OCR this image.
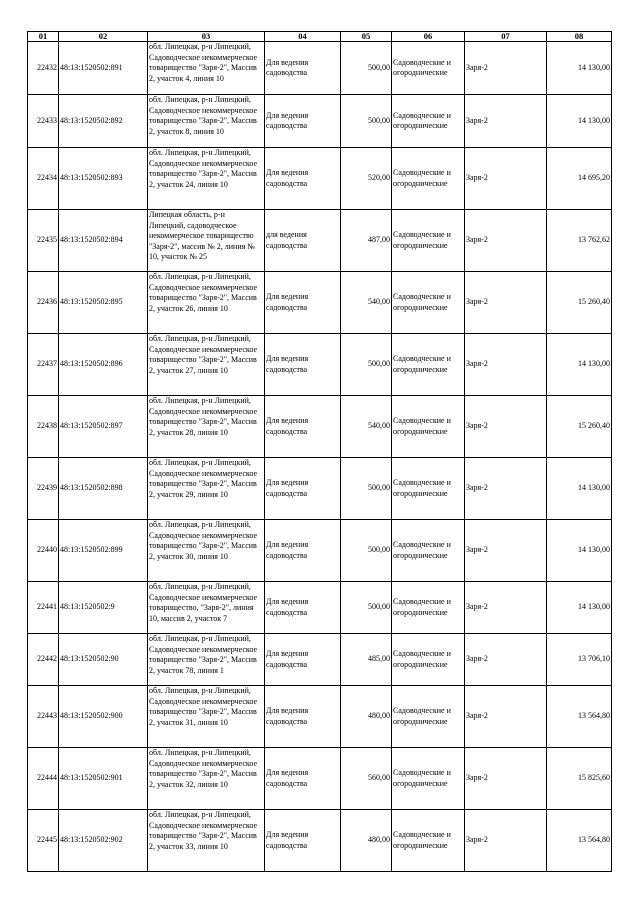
01	02	03	04	05	06	07	08
22432	48:13:1520502:891	обл. Липецкая, р-н Липецкий, Садоводческое некоммерческое товарищество "Заря-2", Массив 2, участок 4, линия 10	Для ведения садоводства	500,00	Садоводческие и огороднические	Заря-2	14 130,00
22433	48:13:1520502:892	обл. Липецкая, р-н Липецкий, Садоводческое некоммерческое товарищество "Заря-2", Массив 2, участок 8, линия 10	Для ведения садоводства	500,00	Садоводческие и огороднические	Заря-2	14 130,00
22434	48:13:1520502:893	обл. Липецкая, р-н Липецкий, Садоводческое некоммерческое товарищество "Заря-2", Массив 2, участок 24, линия 10	Для ведения садоводства	520,00	Садоводческие и огороднические	Заря-2	14 695,20
22435	48:13:1520502:894	Липецкая область, р-н Липецкий, садоводческое некоммерческое товарищество "Заря-2", массив № 2, линия № 10, участок № 25	для ведения садоводства	487,00	Садоводческие и огороднические	Заря-2	13 762,62
22436	48:13:1520502:895	обл. Липецкая, р-н Липецкий, Садоводческое некоммерческое товарищество "Заря-2", Массив 2, участок 26, линия 10	Для ведения садоводства	540,00	Садоводческие и огороднические	Заря-2	15 260,40
22437	48:13:1520502:896	обл. Липецкая, р-н Липецкий, Садоводческое некоммерческое товарищество "Заря-2", Массив 2, участок 27, линия 10	Для ведения садоводства	500,00	Садоводческие и огороднические	Заря-2	14 130,00
22438	48:13:1520502:897	обл. Липецкая, р-н Липецкий, Садоводческое некоммерческое товарищество "Заря-2", Массив 2, участок 28, линия 10	Для ведения садоводства	540,00	Садоводческие и огороднические	Заря-2	15 260,40
22439	48:13:1520502:898	обл. Липецкая, р-н Липецкий, Садоводческое некоммерческое товарищество "Заря-2", Массив 2, участок 29, линия 10	Для ведения садоводства	500,00	Садоводческие и огороднические	Заря-2	14 130,00
22440	48:13:1520502:899	обл. Липецкая, р-н Липецкий, Садоводческое некоммерческое товарищество "Заря-2", Массив 2, участок 30, линия 10	Для ведения садоводства	500,00	Садоводческие и огороднические	Заря-2	14 130,00
22441	48:13:1520502:9	обл. Липецкая, р-н Липецкий, Садоводческое некоммерческое товарищество, "Заря-2", линия 10, массив 2, участок 7	Для ведения садоводства	500,00	Садоводческие и огороднические	Заря-2	14 130,00
22442	48:13:1520502:90	обл. Липецкая, р-н Липецкий, Садоводческое некоммерческое товарищество "Заря-2", Массив 2, участок 78, линия 1	Для ведения садоводства	485,00	Садоводческие и огороднические	Заря-2	13 706,10
22443	48:13:1520502:900	обл. Липецкая, р-н Липецкий, Садоводческое некоммерческое товарищество "Заря-2", Массив 2, участок 31, линия 10	Для ведения садоводства	480,00	Садоводческие и огороднические	Заря-2	13 564,80
22444	48:13:1520502:901	обл. Липецкая, р-н Липецкий, Садоводческое некоммерческое товарищество "Заря-2", Массив 2, участок 32, линия 10	Для ведения садоводства	560,00	Садоводческие и огороднические	Заря-2	15 825,60
22445	48:13:1520502:902	обл. Липецкая, р-н Липецкий, Садоводческое некоммерческое товарищество "Заря-2", Массив 2, участок 33, линия 10	Для ведения садоводства	480,00	Садоводческие и огороднические	Заря-2	13 564,80
